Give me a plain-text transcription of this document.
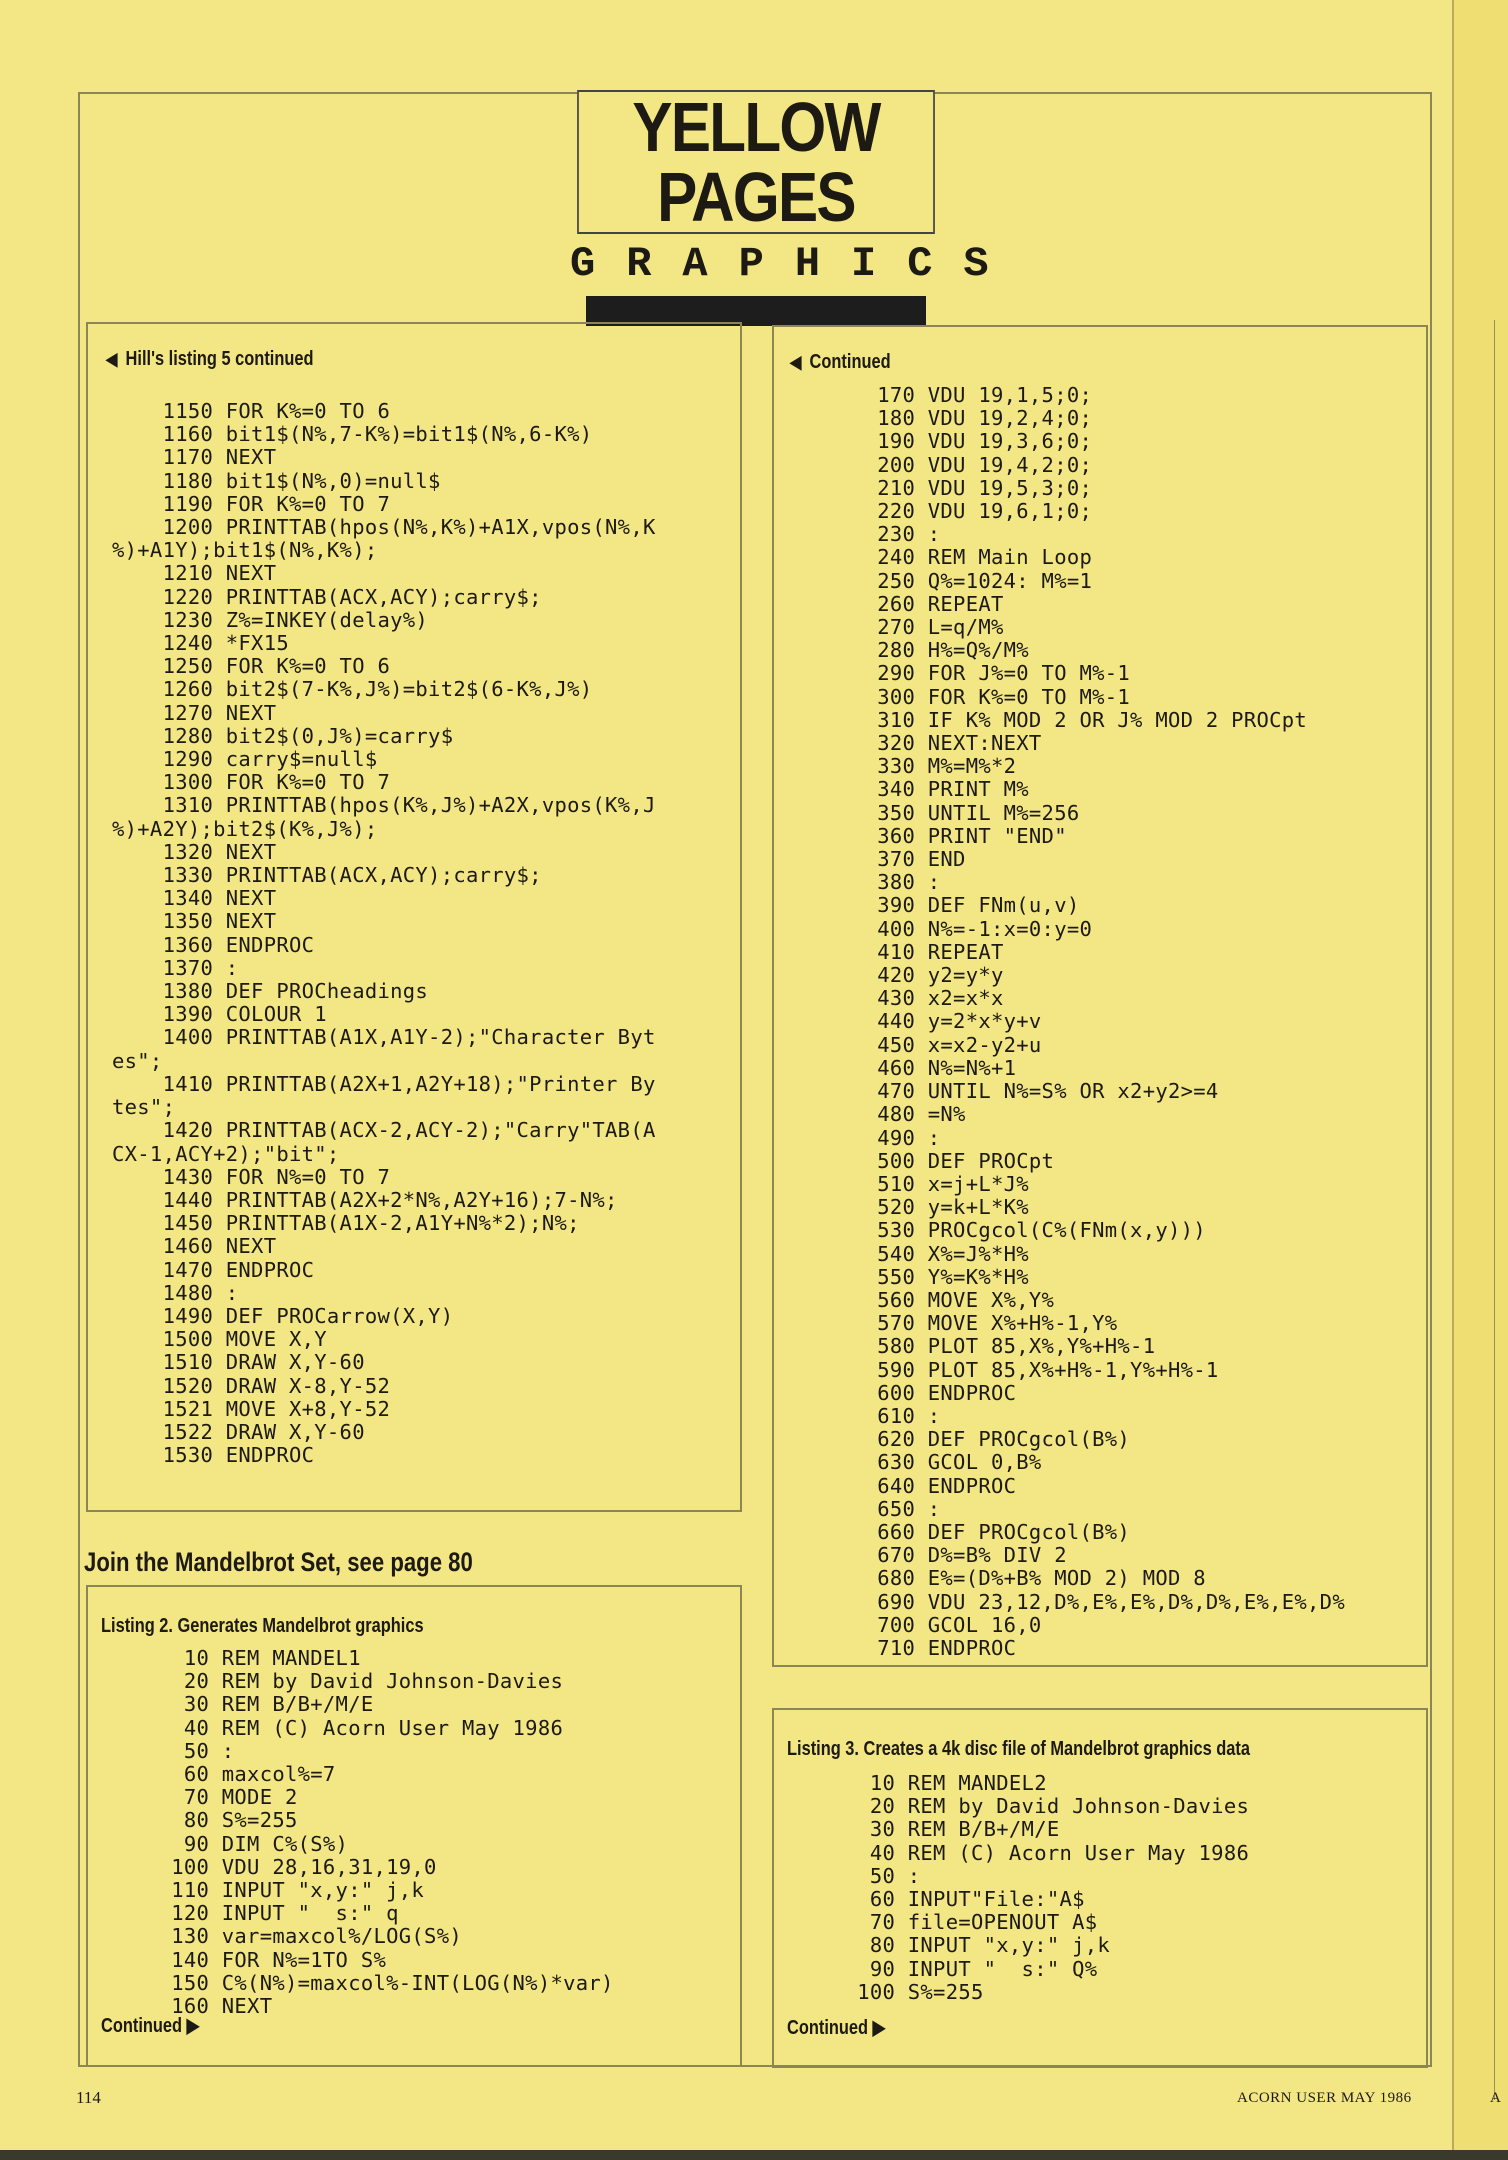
YELLOW PAGES
GRAPHICS
◀ Hill's listing 5 continued
1150 FOR K%=0 TO 6
1160 bit1$(N%,7-K%)=bit1$(N%,6-K%)
1170 NEXT
1180 bit1$(N%,0)=null$
1190 FOR K%=0 TO 7
1200 PRINTTAB(hpos(N%,K%)+A1X,vpos(N%,K
%)+A1Y);bit1$(N%,K%);
1210 NEXT
1220 PRINTTAB(ACX,ACY);carry$;
1230 Z%=INKEY(delay%)
1240 *FX15
1250 FOR K%=0 TO 6
1260 bit2$(7-K%,J%)=bit2$(6-K%,J%)
1270 NEXT
1280 bit2$(0,J%)=carry$
1290 carry$=null$
1300 FOR K%=0 TO 7
1310 PRINTTAB(hpos(K%,J%)+A2X,vpos(K%,J
%)+A2Y);bit2$(K%,J%);
1320 NEXT
1330 PRINTTAB(ACX,ACY);carry$;
1340 NEXT
1350 NEXT
1360 ENDPROC
1370 :
1380 DEF PROCheadings
1390 COLOUR 1
1400 PRINTTAB(A1X,A1Y-2);"Character Byt
es";
1410 PRINTTAB(A2X+1,A2Y+18);"Printer By
tes";
1420 PRINTTAB(ACX-2,ACY-2);"Carry"TAB(A
CX-1,ACY+2);"bit";
1430 FOR N%=0 TO 7
1440 PRINTTAB(A2X+2*N%,A2Y+16);7-N%;
1450 PRINTTAB(A1X-2,A1Y+N%*2);N%;
1460 NEXT
1470 ENDPROC
1480 :
1490 DEF PROCarrow(X,Y)
1500 MOVE X,Y
1510 DRAW X,Y-60
1520 DRAW X-8,Y-52
1521 MOVE X+8,Y-52
1522 DRAW X,Y-60
1530 ENDPROC
◀ Continued
170 VDU 19,1,5;0;
180 VDU 19,2,4;0;
190 VDU 19,3,6;0;
200 VDU 19,4,2;0;
210 VDU 19,5,3;0;
220 VDU 19,6,1;0;
230 :
240 REM Main Loop
250 Q%=1024: M%=1
260 REPEAT
270 L=q/M%
280 H%=Q%/M%
290 FOR J%=0 TO M%-1
300 FOR K%=0 TO M%-1
310 IF K% MOD 2 OR J% MOD 2 PROCpt
320 NEXT:NEXT
330 M%=M%*2
340 PRINT M%
350 UNTIL M%=256
360 PRINT "END"
370 END
380 :
390 DEF FNm(u,v)
400 N%=-1:x=0:y=0
410 REPEAT
420 y2=y*y
430 x2=x*x
440 y=2*x*y+v
450 x=x2-y2+u
460 N%=N%+1
470 UNTIL N%=S% OR x2+y2>=4
480 =N%
490 :
500 DEF PROCpt
510 x=j+L*J%
520 y=k+L*K%
530 PROCgcol(C%(FNm(x,y)))
540 X%=J%*H%
550 Y%=K%*H%
560 MOVE X%,Y%
570 MOVE X%+H%-1,Y%
580 PLOT 85,X%,Y%+H%-1
590 PLOT 85,X%+H%-1,Y%+H%-1
600 ENDPROC
610 :
620 DEF PROCgcol(B%)
630 GCOL 0,B%
640 ENDPROC
650 :
660 DEF PROCgcol(B%)
670 D%=B% DIV 2
680 E%=(D%+B% MOD 2) MOD 8
690 VDU 23,12,D%,E%,E%,D%,D%,E%,E%,D%
700 GCOL 16,0
710 ENDPROC
Join the Mandelbrot Set, see page 80
Listing 2. Generates Mandelbrot graphics
10 REM MANDEL1
20 REM by David Johnson-Davies
30 REM B/B+/M/E
40 REM (C) Acorn User May 1986
50 :
60 maxcol%=7
70 MODE 2
80 S%=255
90 DIM C%(S%)
100 VDU 28,16,31,19,0
110 INPUT "x,y:" j,k
120 INPUT "  s:" q
130 var=maxcol%/LOG(S%)
140 FOR N%=1TO S%
150 C%(N%)=maxcol%-INT(LOG(N%)*var)
160 NEXT
Continued ▶
Listing 3. Creates a 4k disc file of Mandelbrot graphics data
10 REM MANDEL2
20 REM by David Johnson-Davies
30 REM B/B+/M/E
40 REM (C) Acorn User May 1986
50 :
60 INPUT"File:"A$
70 file=OPENOUT A$
80 INPUT "x,y:" j,k
90 INPUT "  s:" Q%
100 S%=255
Continued ▶
114	ACORN USER MAY 1986	A
